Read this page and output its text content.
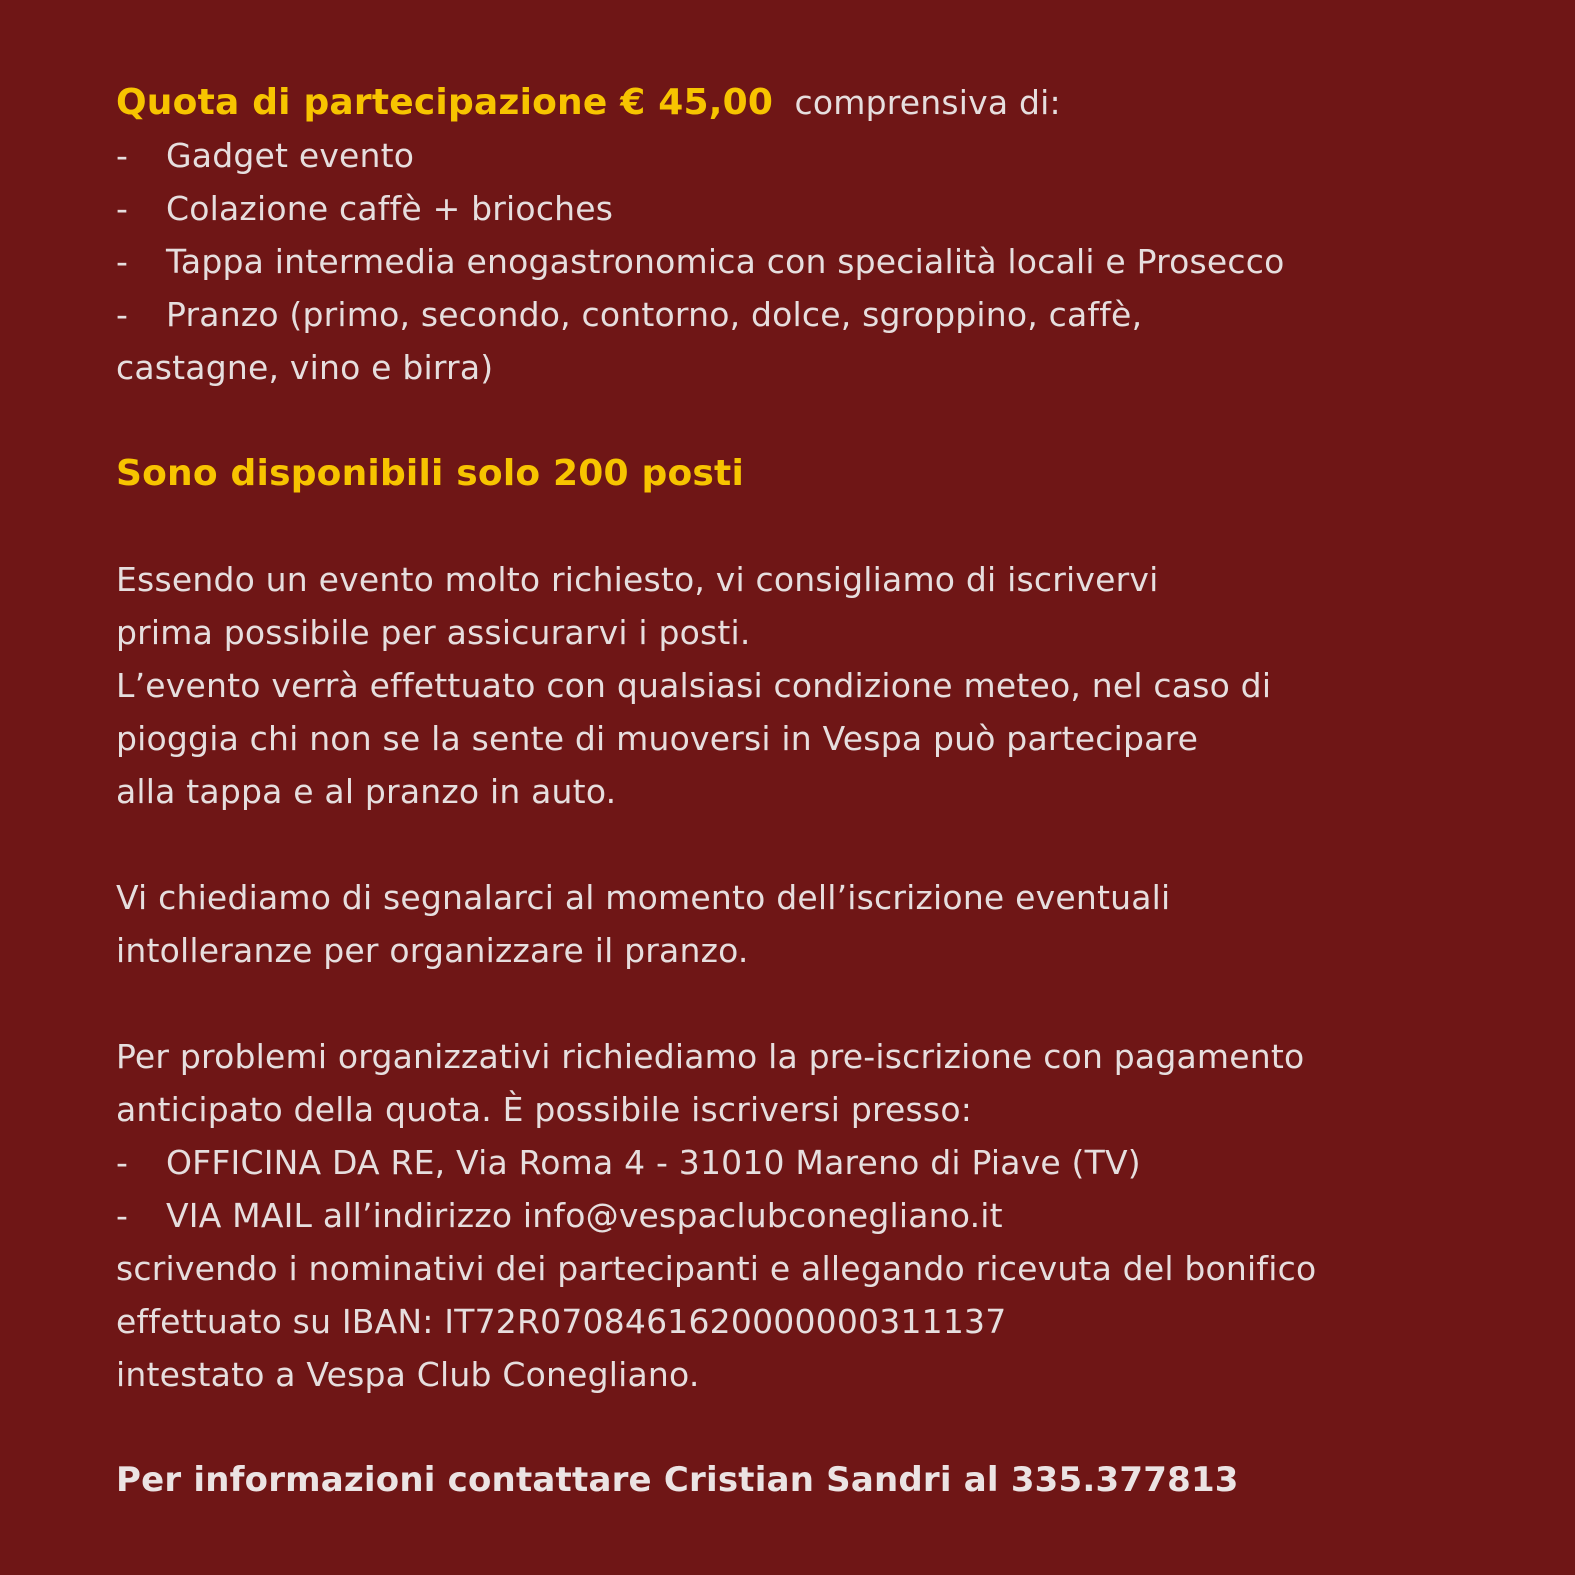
Quota di partecipazione € 45,00 comprensiva di:
- Gadget evento
- Colazione caffè + brioches
- Tappa intermedia enogastronomica con specialità locali e Prosecco
- Pranzo (primo, secondo, contorno, dolce, sgroppino, caffè,
castagne, vino e birra)
Sono disponibili solo 200 posti
Essendo un evento molto richiesto, vi consigliamo di iscrivervi
prima possibile per assicurarvi i posti.
L’evento verrà effettuato con qualsiasi condizione meteo, nel caso di
pioggia chi non se la sente di muoversi in Vespa può partecipare
alla tappa e al pranzo in auto.
Vi chiediamo di segnalarci al momento dell’iscrizione eventuali
intolleranze per organizzare il pranzo.
Per problemi organizzativi richiediamo la pre-iscrizione con pagamento
anticipato della quota. È possibile iscriversi presso:
- OFFICINA DA RE, Via Roma 4 - 31010 Mareno di Piave (TV)
- VIA MAIL all’indirizzo info@vespaclubconegliano.it
scrivendo i nominativi dei partecipanti e allegando ricevuta del bonifico
effettuato su IBAN: IT72R0708461620000000311137
intestato a Vespa Club Conegliano.
Per informazioni contattare Cristian Sandri al 335.377813
